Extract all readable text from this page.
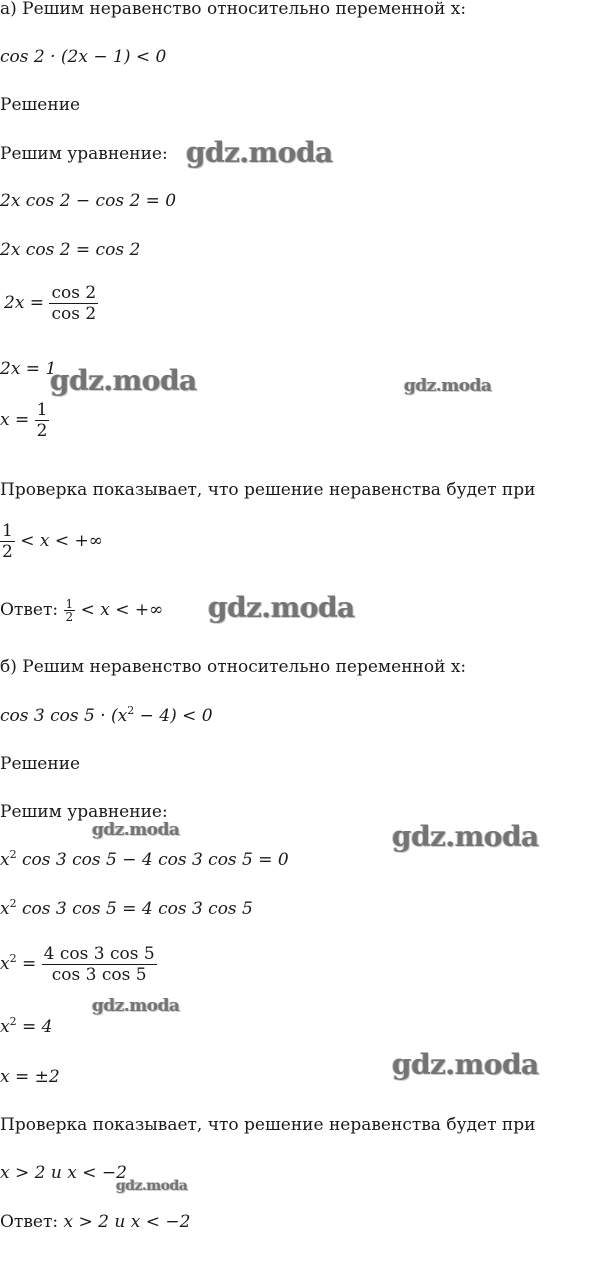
а) Решим неравенство относительно переменной x:
cos 2 · (2x − 1) < 0
Решение
Решим уравнение:
2x cos 2 − cos 2 = 0
2x cos 2 = cos 2
$2x = \frac{\cos 2}{\cos 2}$
2x = 1
$x = \frac{1}{2}$
Проверка показывает, что решение неравенства будет при
$\frac{1}{2} < x$ < +∞
Ответ: $\frac{1}{2} < x$ < +∞
б) Решим неравенство относительно переменной x:
cos 3 $\cos 5 \cdot (x^2 - 4) < 0$
Решение
Решим уравнение:
$x^2$ cos 3 cos 5 − 4 cos 3 cos 5 = 0
$x^2$ cos 3 cos 5 = 4 cos 3 cos 5
$x^2 = \frac{4 \cos 3 \cos 5}{\cos 3 \cos 5}$
$x^2 = 4$
x = ±2
Проверка показывает, что решение неравенства будет при
x > 2 и x < −2
Ответ: x > 2 и x < −2
gdz.moda
gdz.moda	gdz.moda
gdz.moda
gdz.moda	gdz.moda
gdz.moda
gdz.moda
gdz.moda
